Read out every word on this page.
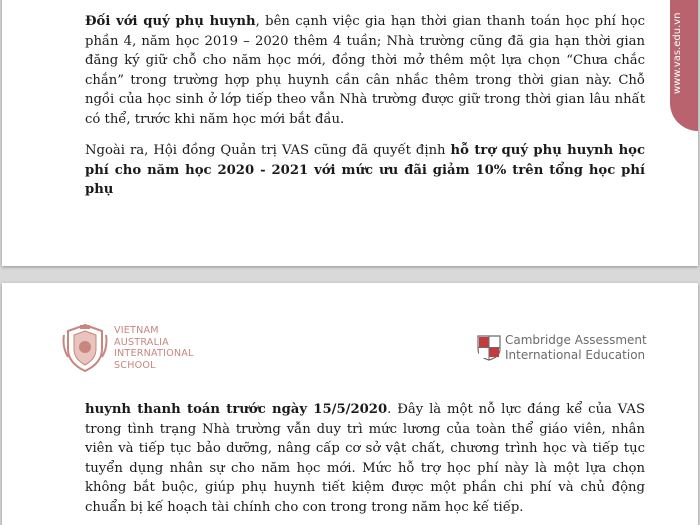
www.vas.edu.vn

Đối với quý phụ huynh, bên cạnh việc gia hạn thời gian thanh toán học phí học phần 4, năm học 2019 – 2020 thêm 4 tuần; Nhà trường cũng đã gia hạn thời gian đăng ký giữ chỗ cho năm học mới, đồng thời mở thêm một lựa chọn “Chưa chắc chắn” trong trường hợp phụ huynh cần cân nhắc thêm trong thời gian này. Chỗ ngồi của học sinh ở lớp tiếp theo vẫn Nhà trường được giữ trong thời gian lâu nhất có thể, trước khi năm học mới bắt đầu.

Ngoài ra, Hội đồng Quản trị VAS cũng đã quyết định hỗ trợ quý phụ huynh học phí cho năm học 2020 - 2021 với mức ưu đãi giảm 10% trên tổng học phí phụ

VIETNAM
AUSTRALIA
INTERNATIONAL
SCHOOL
Cambridge Assessment
International Education

huynh thanh toán trước ngày 15/5/2020. Đây là một nỗ lực đáng kể của VAS trong tình trạng Nhà trường vẫn duy trì mức lương của toàn thể giáo viên, nhân viên và tiếp tục bảo dưỡng, nâng cấp cơ sở vật chất, chương trình học và tiếp tục tuyển dụng nhân sự cho năm học mới. Mức hỗ trợ học phí này là một lựa chọn không bắt buộc, giúp phụ huynh tiết kiệm được một phần chi phí và chủ động chuẩn bị kế hoạch tài chính cho con trong trong năm học kế tiếp.
